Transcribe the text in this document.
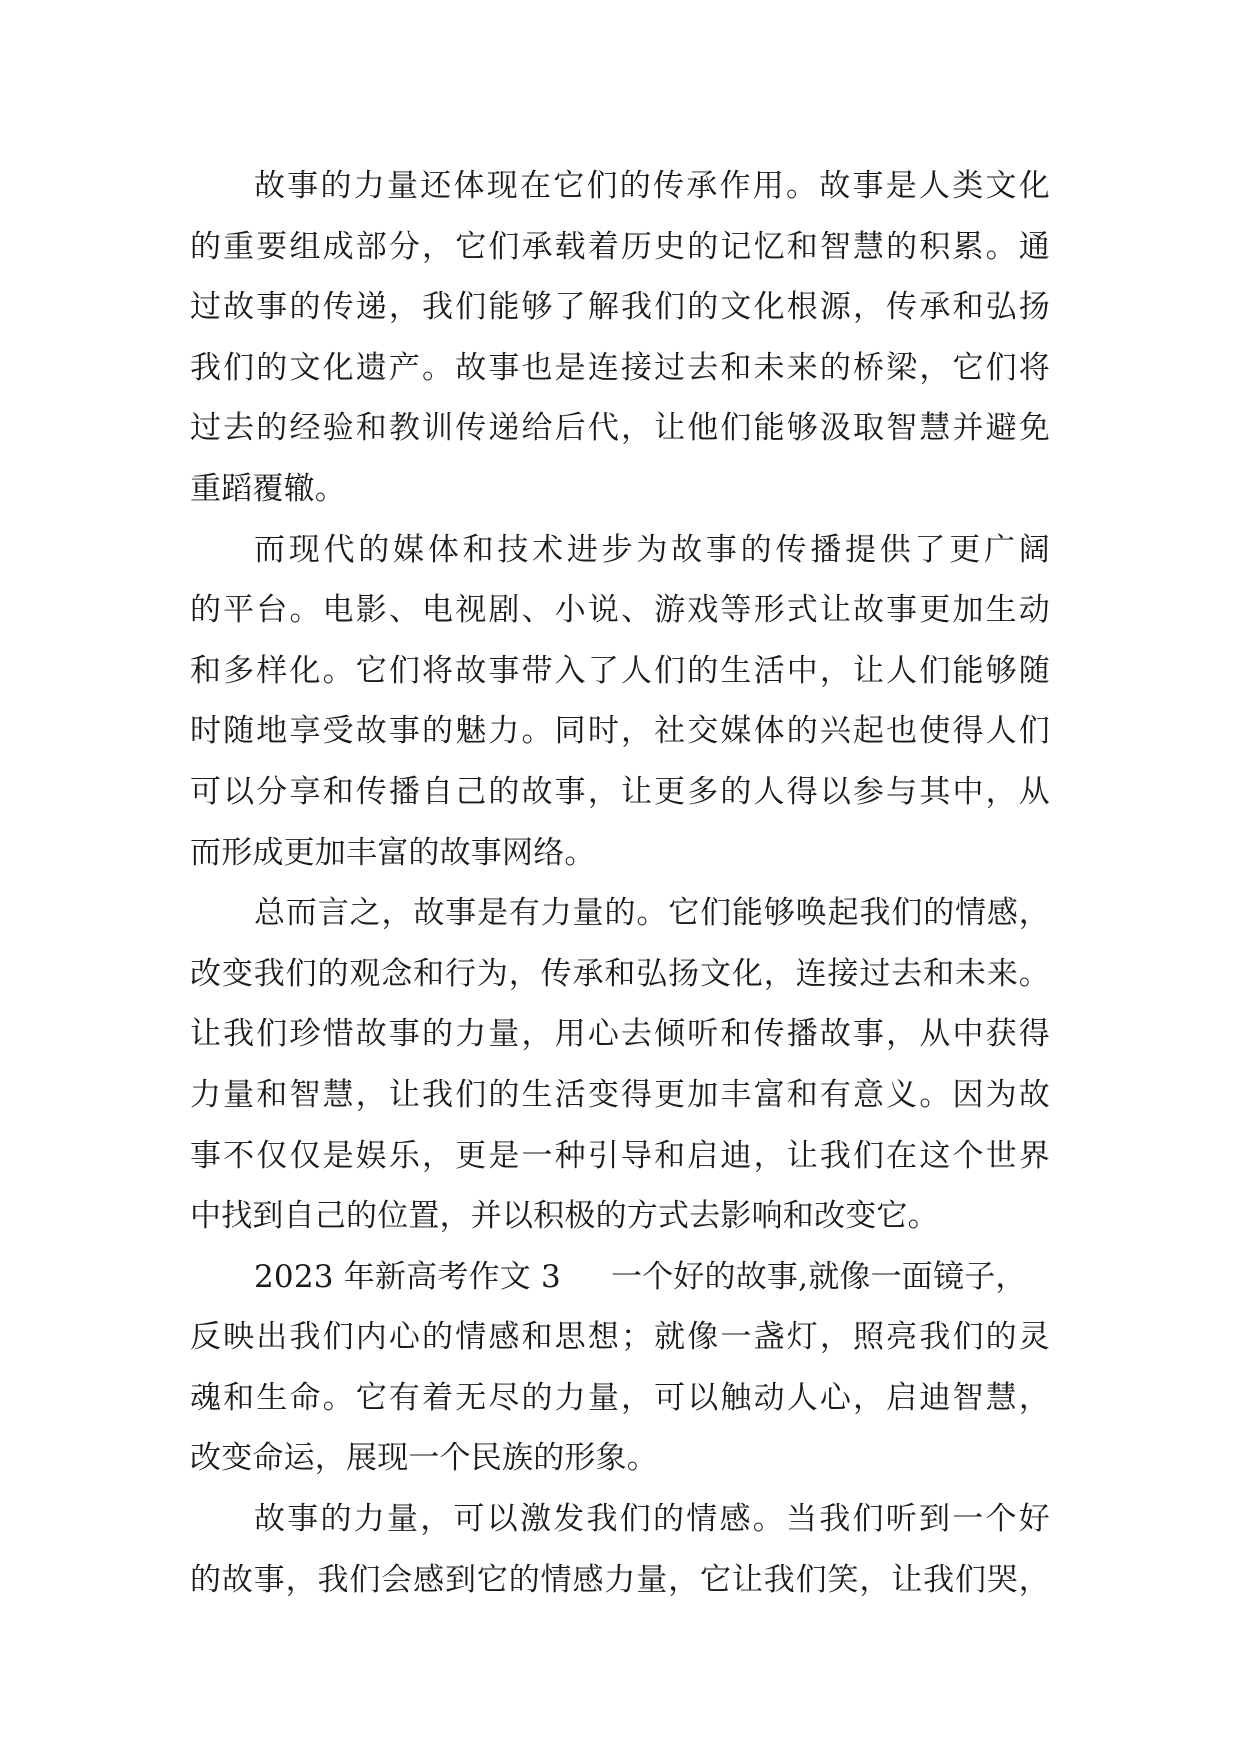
故事的力量还体现在它们的传承作用。故事是人类文化
的重要组成部分，它们承载着历史的记忆和智慧的积累。通
过故事的传递，我们能够了解我们的文化根源，传承和弘扬
我们的文化遗产。故事也是连接过去和未来的桥梁，它们将
过去的经验和教训传递给后代，让他们能够汲取智慧并避免
重蹈覆辙。
而现代的媒体和技术进步为故事的传播提供了更广阔
的平台。电影、电视剧、小说、游戏等形式让故事更加生动
和多样化。它们将故事带入了人们的生活中，让人们能够随
时随地享受故事的魅力。同时，社交媒体的兴起也使得人们
可以分享和传播自己的故事，让更多的人得以参与其中，从
而形成更加丰富的故事网络。
总而言之，故事是有力量的。它们能够唤起我们的情感，
改变我们的观念和行为，传承和弘扬文化，连接过去和未来。
让我们珍惜故事的力量，用心去倾听和传播故事，从中获得
力量和智慧，让我们的生活变得更加丰富和有意义。因为故
事不仅仅是娱乐，更是一种引导和启迪，让我们在这个世界
中找到自己的位置，并以积极的方式去影响和改变它。
2023 年新高考作文 3 一个好的故事,就像一面镜子，
反映出我们内心的情感和思想；就像一盏灯，照亮我们的灵
魂和生命。它有着无尽的力量，可以触动人心，启迪智慧，
改变命运，展现一个民族的形象。
故事的力量，可以激发我们的情感。当我们听到一个好
的故事，我们会感到它的情感力量，它让我们笑，让我们哭，
